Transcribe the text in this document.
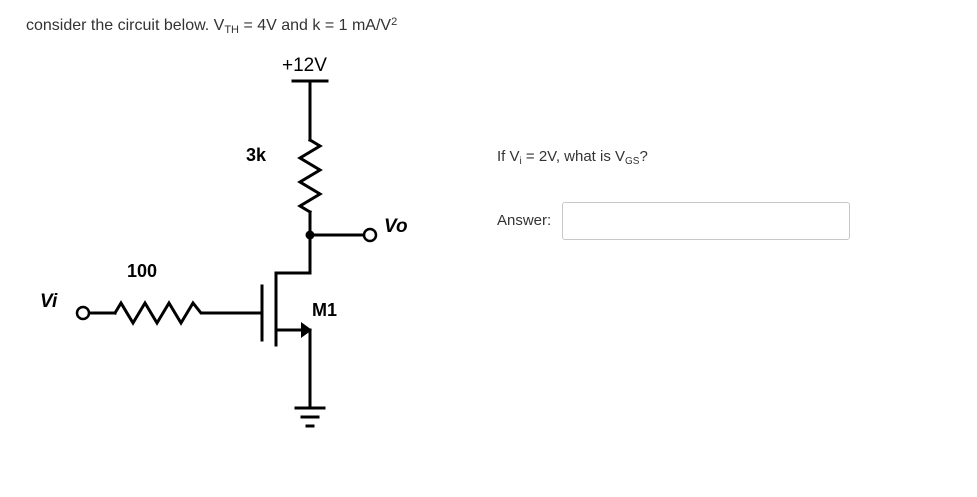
consider the circuit below. $V_{TH} = 4V$ and k = 1 $mA/V^2$
+12V
3k
Vo
100
Vi	M1
If $V_i = 2V$, what is $V_{GS}$?
Answer:
